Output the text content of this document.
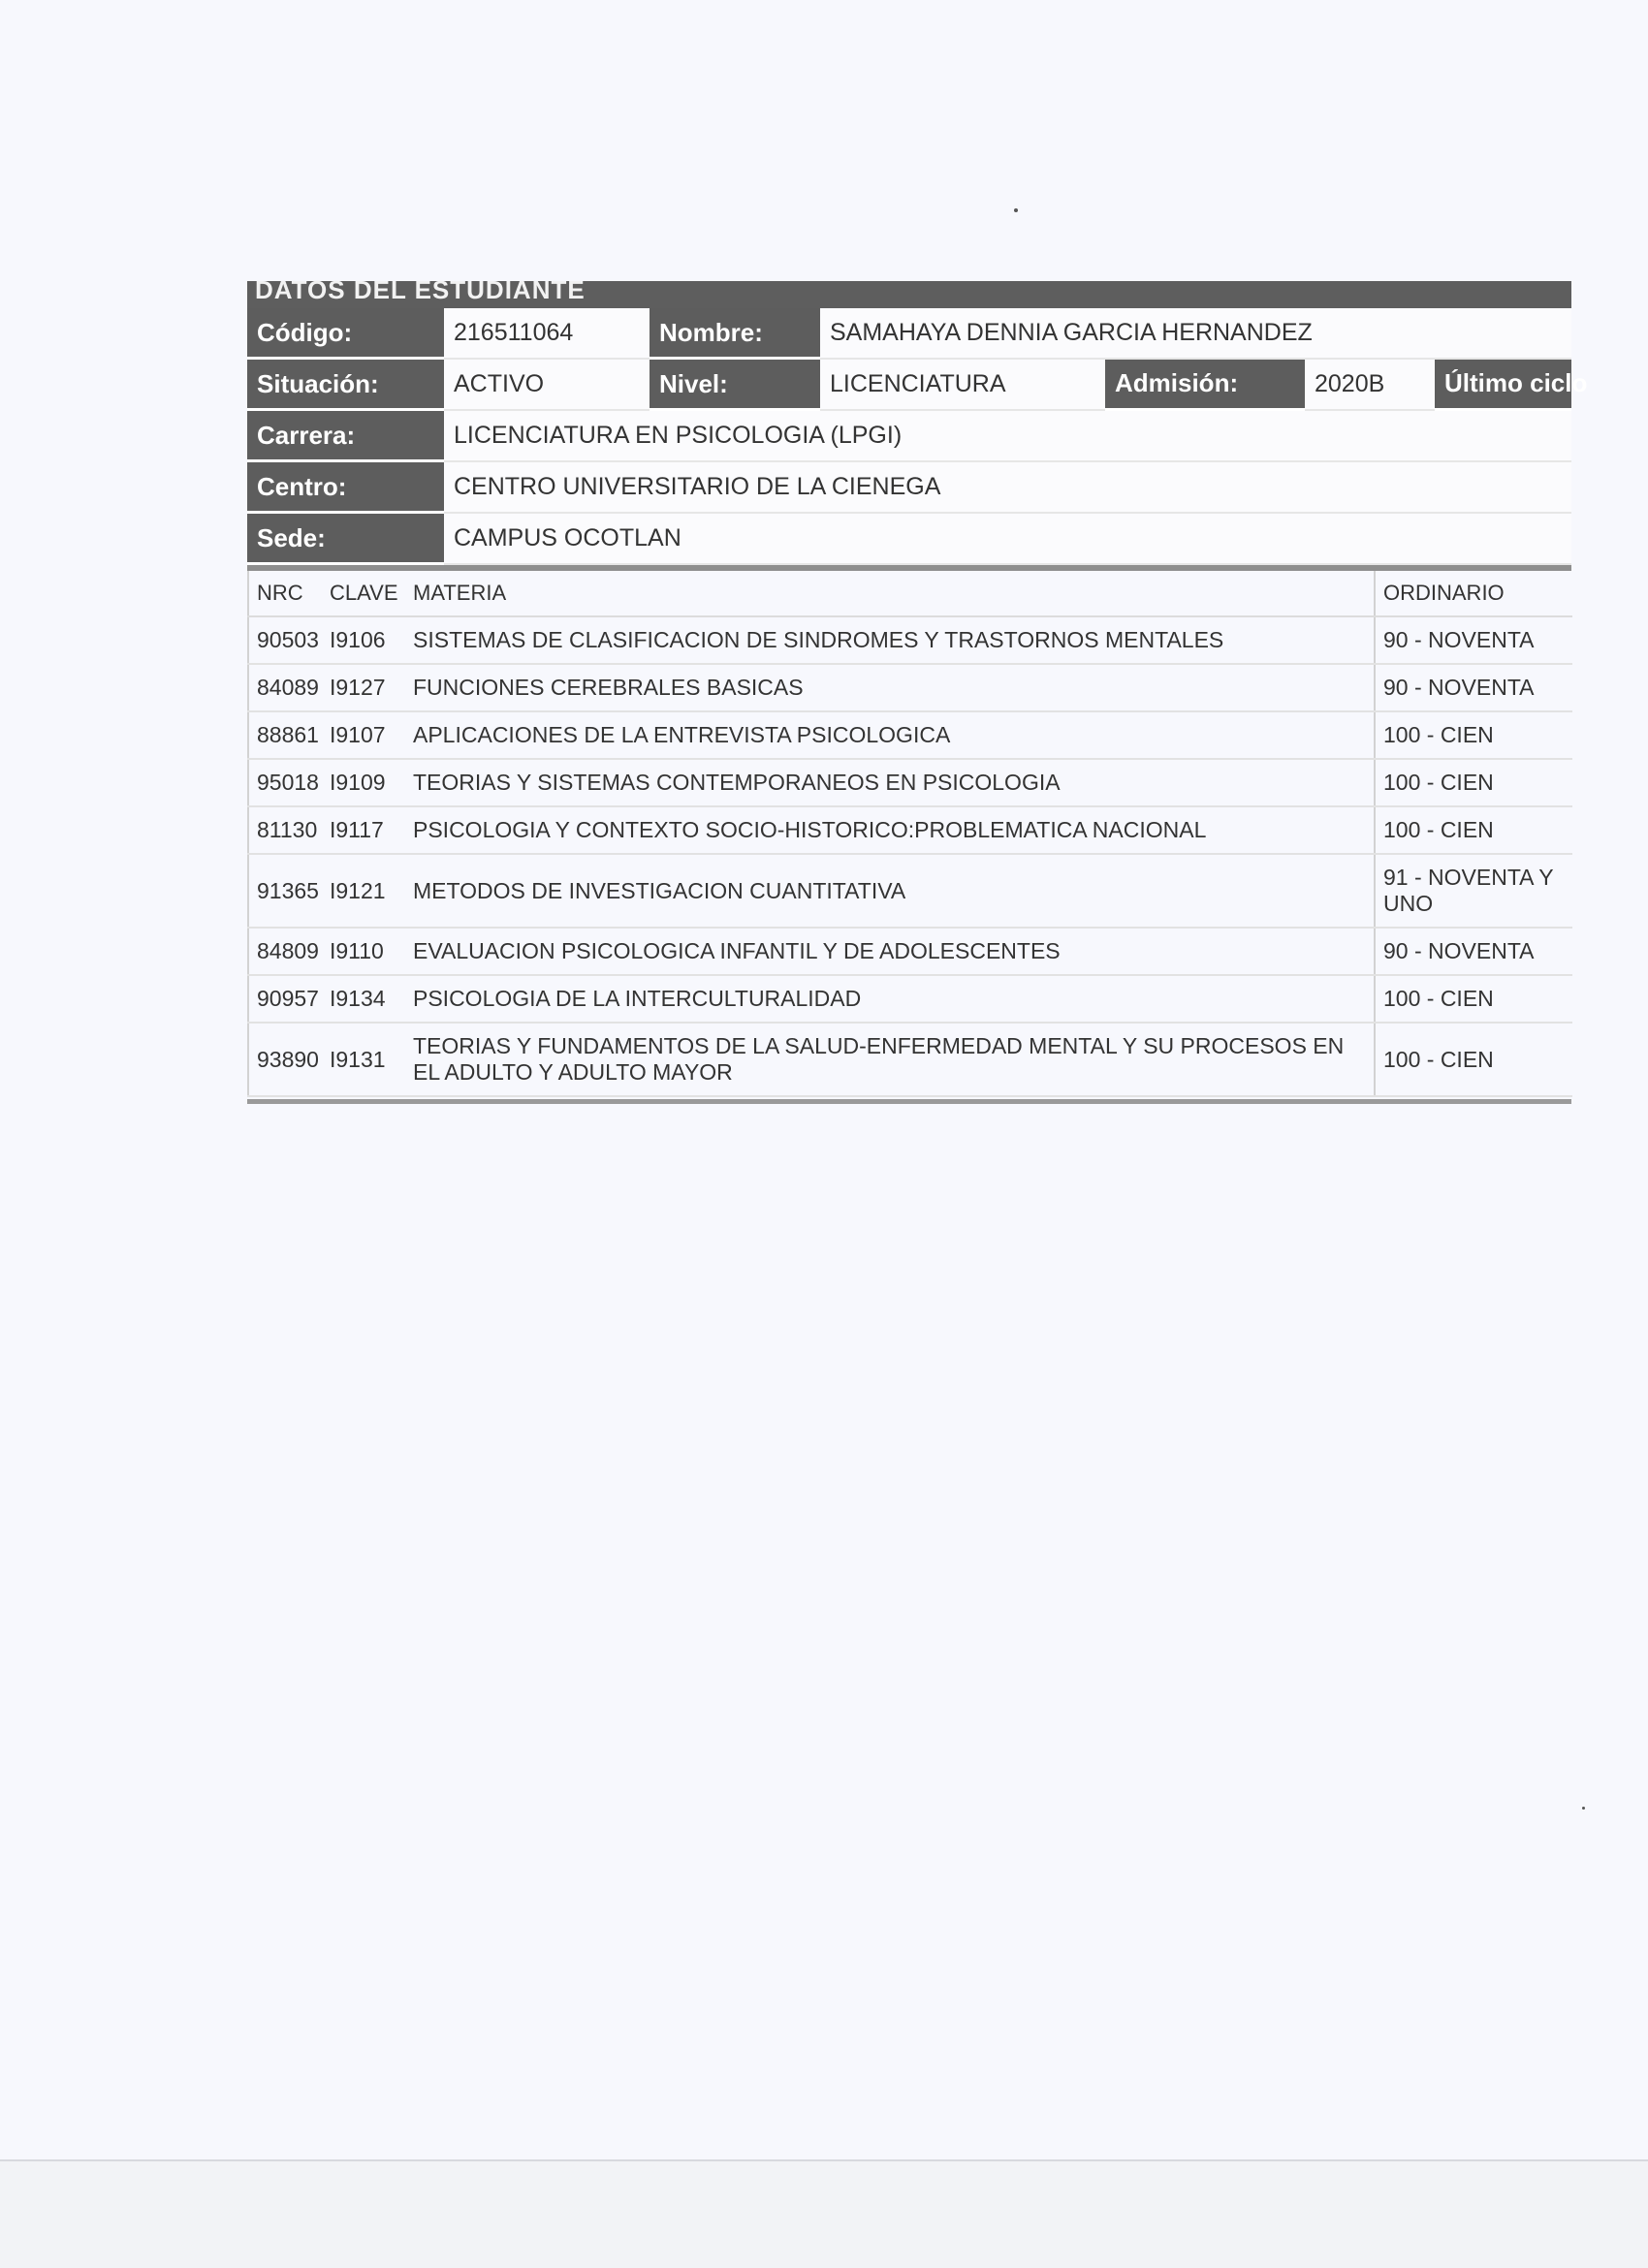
DATOS DEL ESTUDIANTE
Código:	216511064	Nombre:	SAMAHAYA DENNIA GARCIA HERNANDEZ			
Situación:	ACTIVO	Nivel:	LICENCIATURA	Admisión:	2020B	Último ciclo
Carrera:	LICENCIATURA EN PSICOLOGIA (LPGI)					
Centro:	CENTRO UNIVERSITARIO DE LA CIENEGA					
Sede:	CAMPUS OCOTLAN					
NRC	CLAVE	MATERIA	ORDINARIO
90503	I9106	SISTEMAS DE CLASIFICACION DE SINDROMES Y TRASTORNOS MENTALES	90 - NOVENTA
84089	I9127	FUNCIONES CEREBRALES BASICAS	90 - NOVENTA
88861	I9107	APLICACIONES DE LA ENTREVISTA PSICOLOGICA	100 - CIEN
95018	I9109	TEORIAS Y SISTEMAS CONTEMPORANEOS EN PSICOLOGIA	100 - CIEN
81130	I9117	PSICOLOGIA Y CONTEXTO SOCIO-HISTORICO:PROBLEMATICA NACIONAL	100 - CIEN
91365	I9121	METODOS DE INVESTIGACION CUANTITATIVA	91 - NOVENTA Y UNO
84809	I9110	EVALUACION PSICOLOGICA INFANTIL Y DE ADOLESCENTES	90 - NOVENTA
90957	I9134	PSICOLOGIA DE LA INTERCULTURALIDAD	100 - CIEN
93890	I9131	TEORIAS Y FUNDAMENTOS DE LA SALUD-ENFERMEDAD MENTAL Y SU PROCESOS EN EL ADULTO Y ADULTO MAYOR	100 - CIEN
